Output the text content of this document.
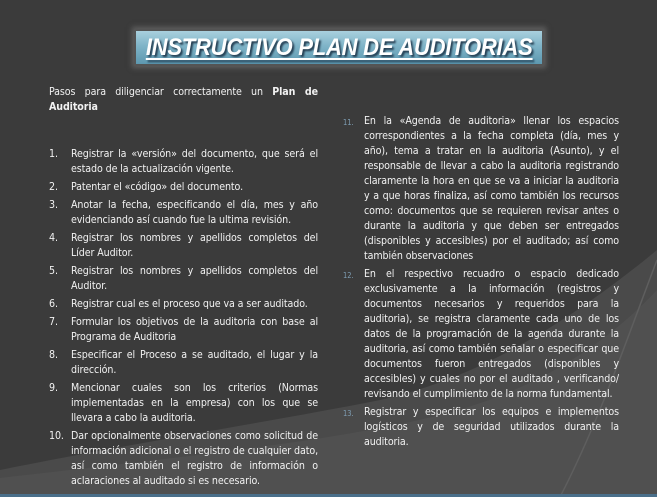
INSTRUCTIVO PLAN DE AUDITORIAS

Pasos para diligenciar correctamente un Plan de Auditoria

1.	Registrar la «versión» del documento, que será el estado de la actualización vigente.
2.	Patentar el «código» del documento.
3.	Anotar la fecha, especificando el día, mes y año evidenciando así cuando fue la ultima revisión.
4.	Registrar los nombres y apellidos completos del Líder Auditor.
5.	Registrar los nombres y apellidos completos del Auditor.
6.	Registrar cual es el proceso que va a ser auditado.
7.	Formular los objetivos de la auditoria con base al Programa de Auditoria
8.	Especificar el Proceso a se auditado, el lugar y la dirección.
9.	Mencionar cuales son los criterios (Normas implementadas en la empresa) con los que se llevara a cabo la auditoria.
10. Dar opcionalmente observaciones como solicitud de información adicional o el registro de cualquier dato, así como también el registro de información o aclaraciones al auditado si es necesario.
11. En la «Agenda de auditoria» llenar los espacios correspondientes a la fecha completa (día, mes y año), tema a tratar en la auditoria (Asunto), y el responsable de llevar a cabo la auditoria registrando claramente la hora en que se va a iniciar la auditoria y a que horas finaliza, así como también los recursos como: documentos que se requieren revisar antes o durante la auditoria y que deben ser entregados (disponibles y accesibles) por el auditado; así como también observaciones
12. En el respectivo recuadro o espacio dedicado exclusivamente a la información (registros y documentos necesarios y requeridos para la auditoria), se registra claramente cada uno de los datos de la programación de la agenda durante la auditoria, así como también señalar o especificar que documentos fueron entregados (disponibles y accesibles) y cuales no por el auditado , verificando/ revisando el cumplimiento de la norma fundamental.
13. Registrar y especificar los equipos e implementos logísticos y de seguridad utilizados durante la auditoria.
